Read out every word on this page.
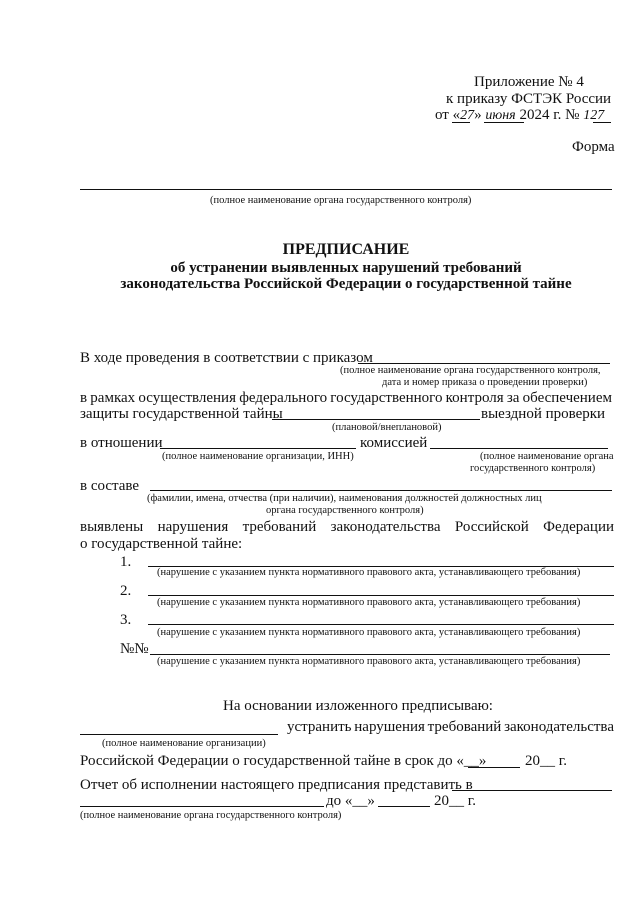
Приложение № 4
к приказу ФСТЭК России
от «27» июня 2024 г. № 127
Форма
(полное наименование органа государственного контроля)
ПРЕДПИСАНИЕ
об устранении выявленных нарушений требований
законодательства Российской Федерации о государственной тайне
В ходе проведения в соответствии с приказом
(полное наименование органа государственного контроля,
дата и номер приказа о проведении проверки)
в рамках осуществления федерального государственного контроля за обеспечением
защиты государственной тайны	выездной проверки
(плановой/внеплановой)
в отношении	комиссией
(полное наименование организации, ИНН)	(полное наименование органа
государственного контроля)
в составе
(фамилии, имена, отчества (при наличии), наименования должностей должностных лиц
органа государственного контроля)
выявлены нарушения требований законодательства Российской Федерации
о государственной тайне:
1.
(нарушение с указанием пункта нормативного правового акта, устанавливающего требования)
2.
(нарушение с указанием пункта нормативного правового акта, устанавливающего требования)
3.
(нарушение с указанием пункта нормативного правового акта, устанавливающего требования)
№№
(нарушение с указанием пункта нормативного правового акта, устанавливающего требования)
На основании изложенного предписываю:
устранить нарушения требований законодательства
(полное наименование организации)
Российской Федерации о государственной тайне в срок до «__»	20__ г.
Отчет об исполнении настоящего предписания представить в
до «__»	20__ г.
(полное наименование органа государственного контроля)
